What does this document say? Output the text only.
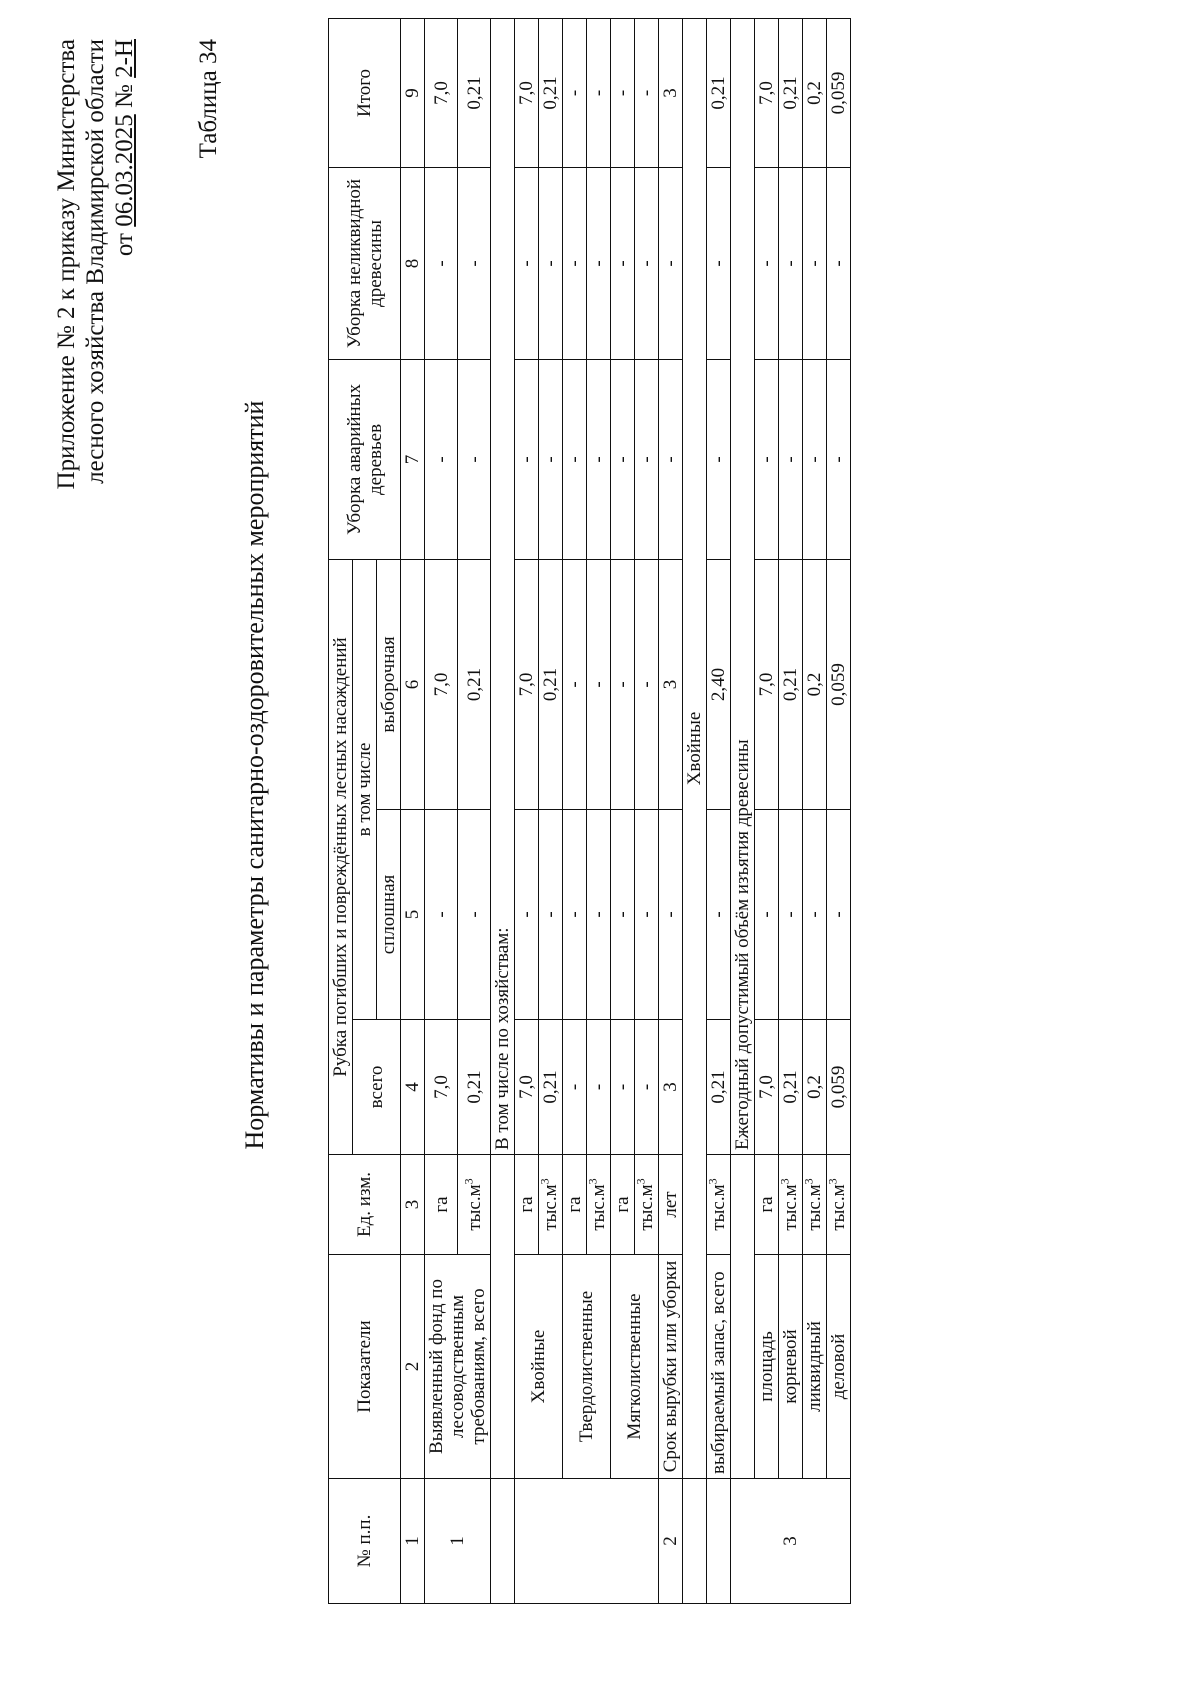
Приложение № 2 к приказу Министерства лесного хозяйства Владимирской области от 06.03.2025 № 2-Н Таблица 34
Нормативы и параметры санитарно-оздоровительных мероприятий
№ п.п.	Показатели	Ед. изм.	Рубка погибших и повреждённых лесных насаждений			Уборка аварийных деревьев	Уборка неликвидной древесины	Итого
			всего	в том числе				
				сплошная	выборочная			
1	2	3	4	5	6	7	8	9
1	Выявленный фонд по лесоводственным требованиям, всего	га	7,0	-	7,0	-	-	7,0
		$тыс.м^3$	0,21	-	0,21	-	-	0,21
			В том числе по хозяйствам:					
	Хвойные	га	7,0	-	7,0	-	-	7,0
		$тыс.м^3$	0,21	-	0,21	-	-	0,21
	Твердолиственные	га	-	-	-	-	-	-
		$тыс.м^3$	-	-	-	-	-	-
	Мягколиственные	га	-	-	-	-	-	-
		$тыс.м^3$	-	-	-	-	-	-
2	Срок вырубки или уборки	лет	3	-	3	-	-	3
	Хвойные							
	выбираемый запас, всего	$тыс.м^3$	0,21	-	2,40	-	-	0,21
3			Ежегодный допустимый объём изъятия древесины					
	площадь	га	7,0	-	7,0	-	-	7,0
	корневой	$тыс.м^3$	0,21	-	0,21	-	-	0,21
	ликвидный	$тыс.м^3$	0,2	-	0,2	-	-	0,2
	деловой	$тыс.м^3$	0,059	-	0,059	-	-	0,059
